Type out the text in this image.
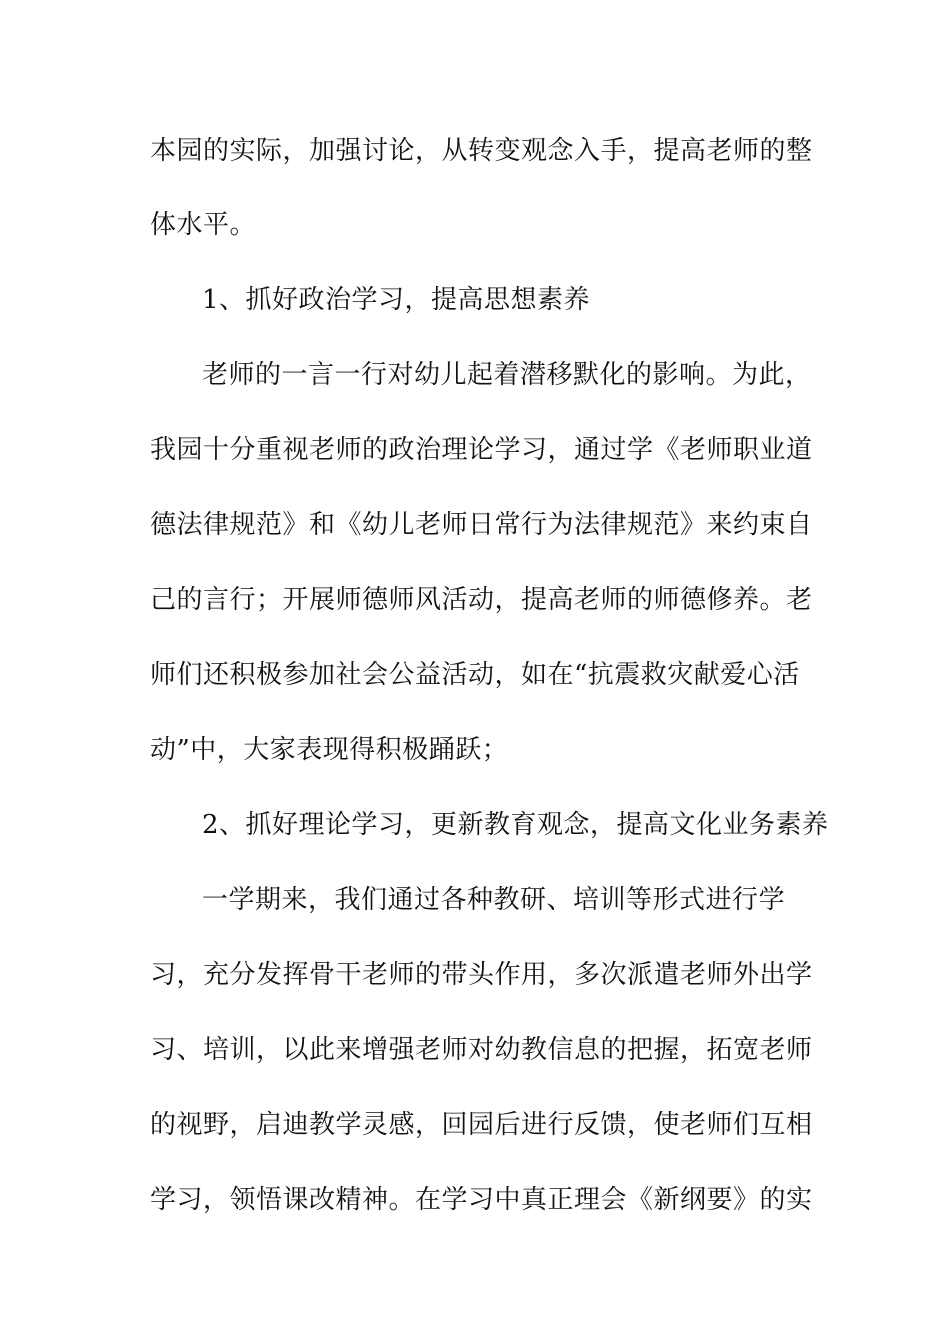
本园的实际，加强讨论，从转变观念入手，提高老师的整
体水平。
1、抓好政治学习，提高思想素养
老师的一言一行对幼儿起着潜移默化的影响。为此，
我园十分重视老师的政治理论学习，通过学《老师职业道
德法律规范》和《幼儿老师日常行为法律规范》来约束自
己的言行；开展师德师风活动，提高老师的师德修养。老
师们还积极参加社会公益活动，如在“抗震救灾献爱心活
动”中，大家表现得积极踊跃；
2、抓好理论学习，更新教育观念，提高文化业务素养
一学期来，我们通过各种教研、培训等形式进行学
习，充分发挥骨干老师的带头作用，多次派遣老师外出学
习、培训，以此来增强老师对幼教信息的把握，拓宽老师
的视野，启迪教学灵感，回园后进行反馈，使老师们互相
学习，领悟课改精神。在学习中真正理会《新纲要》的实
